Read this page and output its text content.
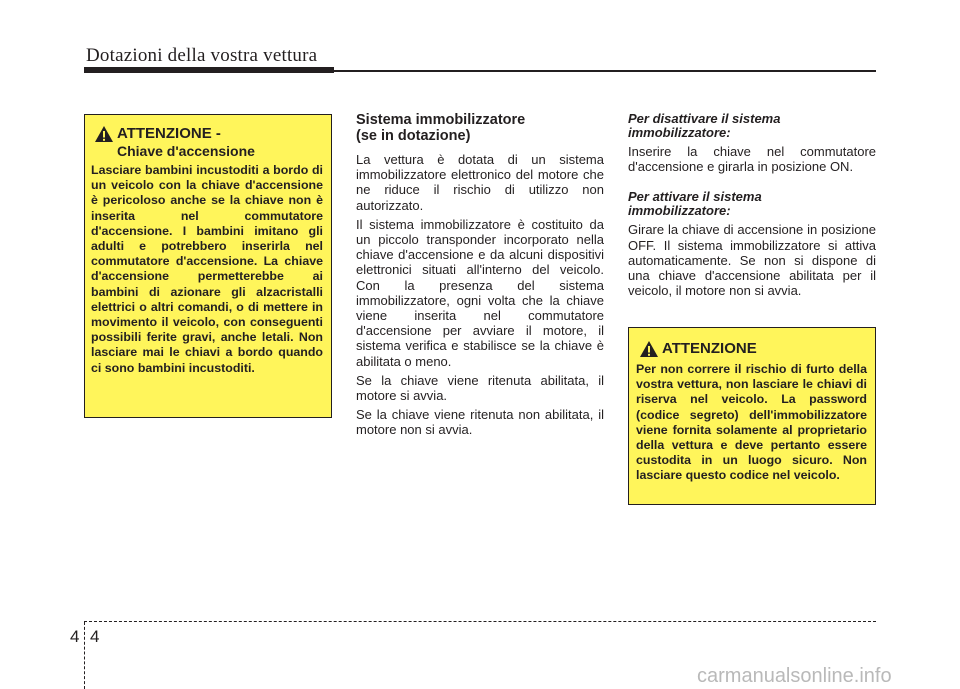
Dotazioni della vostra vettura
ATTENZIONE -
Chiave d'accensione
Lasciare bambini incustoditi a bordo di un veicolo con la chiave d'accensione è pericoloso anche se la chiave non è inserita nel commutatore d'accensione. I bambini imitano gli adulti e potrebbero inserirla nel commutatore d'accensione. La chiave d'accensione permetterebbe ai bambini di azionare gli alzacristalli elettrici o altri comandi, o di mettere in movimento il veicolo, con conseguenti possibili ferite gravi, anche letali. Non lasciare mai le chiavi a bordo quando ci sono bambini incustoditi.
Sistema immobilizzatore
(se in dotazione)

La vettura è dotata di un sistema immobilizzatore elettronico del motore che ne riduce il rischio di utilizzo non autorizzato.

Il sistema immobilizzatore è costituito da un piccolo transponder incorporato nella chiave d'accensione e da alcuni dispositivi elettronici situati all'interno del veicolo. Con la presenza del sistema immobilizzatore, ogni volta che la chiave viene inserita nel commutatore d'accensione per avviare il motore, il sistema verifica e stabilisce se la chiave è abilitata o meno.

Se la chiave viene ritenuta abilitata, il motore si avvia.

Se la chiave viene ritenuta non abilitata, il motore non si avvia.

Per disattivare il sistema
immobilizzatore:

Inserire la chiave nel commutatore d'accensione e girarla in posizione ON.

Per attivare il sistema
immobilizzatore:

Girare la chiave di accensione in posizione OFF. Il sistema immobilizzatore si attiva automaticamente. Se non si dispone di una chiave d'accensione abilitata per il veicolo, il motore non si avvia.

ATTENZIONE
Per non correre il rischio di furto della vostra vettura, non lasciare le chiavi di riserva nel veicolo. La password (codice segreto) dell'immobilizzatore viene fornita solamente al proprietario della vettura e deve pertanto essere custodita in un luogo sicuro. Non lasciare questo codice nel veicolo.
4 4
carmanualsonline.info
